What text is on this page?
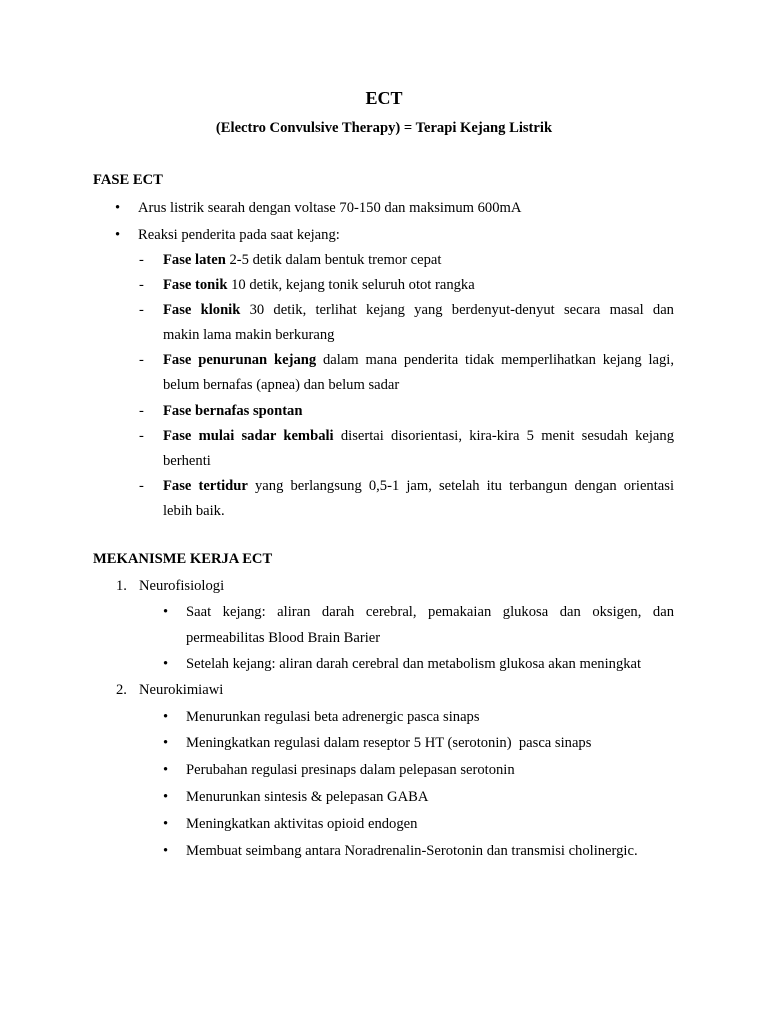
ECT
(Electro Convulsive Therapy) = Terapi Kejang Listrik
FASE ECT
• Arus listrik searah dengan voltase 70-150 dan maksimum 600mA
• Reaksi penderita pada saat kejang:
- Fase laten 2-5 detik dalam bentuk tremor cepat
- Fase tonik 10 detik, kejang tonik seluruh otot rangka
- Fase klonik 30 detik, terlihat kejang yang berdenyut-denyut secara masal dan
makin lama makin berkurang
- Fase penurunan kejang dalam mana penderita tidak memperlihatkan kejang lagi,
belum bernafas (apnea) dan belum sadar
- Fase bernafas spontan
- Fase mulai sadar kembali disertai disorientasi, kira-kira 5 menit sesudah kejang
berhenti
- Fase tertidur yang berlangsung 0,5-1 jam, setelah itu terbangun dengan orientasi
lebih baik.
MEKANISME KERJA ECT
1. Neurofisiologi
• Saat kejang: aliran darah cerebral, pemakaian glukosa dan oksigen, dan
permeabilitas Blood Brain Barier
• Setelah kejang: aliran darah cerebral dan metabolism glukosa akan meningkat
2. Neurokimiawi
• Menurunkan regulasi beta adrenergic pasca sinaps
• Meningkatkan regulasi dalam reseptor 5 HT (serotonin)  pasca sinaps
• Perubahan regulasi presinaps dalam pelepasan serotonin
• Menurunkan sintesis & pelepasan GABA
• Meningkatkan aktivitas opioid endogen
• Membuat seimbang antara Noradrenalin-Serotonin dan transmisi cholinergic.
